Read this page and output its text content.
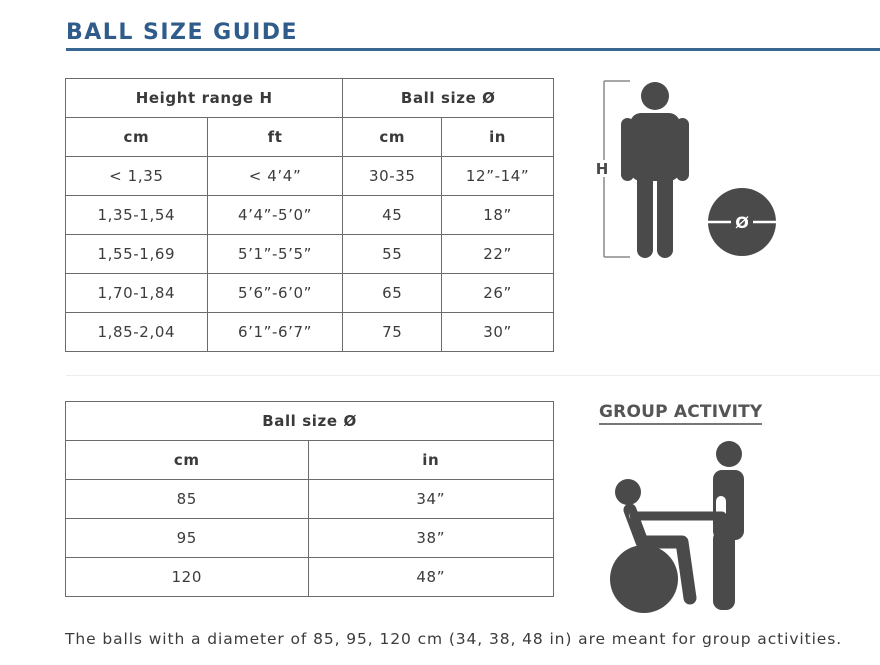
BALL SIZE GUIDE
Height range H		Ball size Ø	
cm	ft	cm	in
< 1,35	< 4’4”	30-35	12”-14”
1,35-1,54	4’4”-5’0”	45	18”
1,55-1,69	5’1”-5’5”	55	22”
1,70-1,84	5’6”-6’0”	65	26”
1,85-2,04	6’1”-6’7”	75	30”
H
Ø
Ball size Ø	
cm	in
85	34”
95	38”
120	48”
GROUP ACTIVITY

The balls with a diameter of 85, 95, 120 cm (34, 38, 48 in) are meant for group activities.
